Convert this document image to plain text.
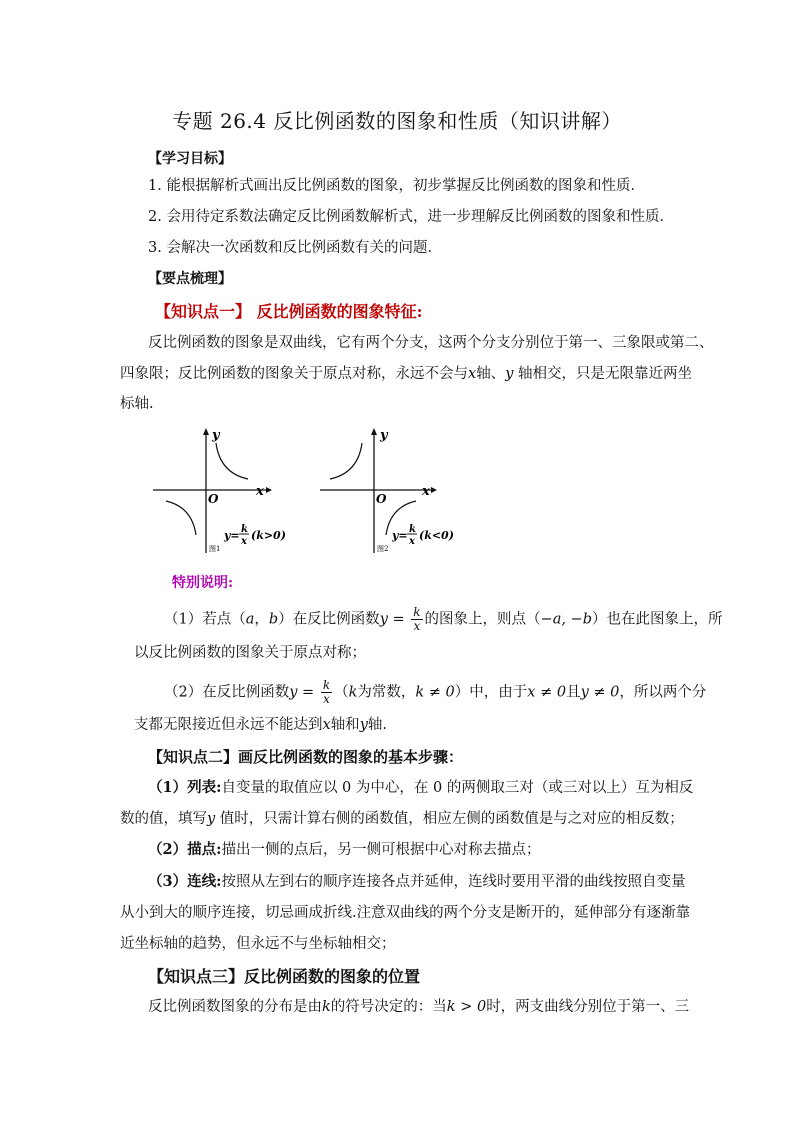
专题 26.4 反比例函数的图象和性质（知识讲解）
【学习目标】
1. 能根据解析式画出反比例函数的图象，初步掌握反比例函数的图象和性质．
2. 会用待定系数法确定反比例函数解析式，进一步理解反比例函数的图象和性质．
3. 会解决一次函数和反比例函数有关的问题．
【要点梳理】
【知识点一】 反比例函数的图象特征:
反比例函数的图象是双曲线，它有两个分支，这两个分支分别位于第一、三象限或第二、
四象限；反比例函数的图象关于原点对称，永远不会与x轴、y 轴相交，只是无限靠近两坐
标轴.
y
x
O
y= k
x (k>0)
图1
y
x
O
y= k
x (k<0)
图2
特别说明:
（1）若点（a，b）在反比例函数$y = \frac{k}{x}$ 的图象上，则点（−a, −b）也在此图象上，所
以反比例函数的图象关于原点对称；
（2）在反比例函数$y = \frac{k}{x} (k$为常数，k ≠ 0）中，由于x ≠ 0且y ≠ 0，所以两个分
支都无限接近但永远不能达到x轴和y轴.
【知识点二】画反比例函数的图象的基本步骤：
（1）列表:自变量的取值应以 0 为中心，在 0 的两侧取三对（或三对以上）互为相反
数的值，填写y 值时，只需计算右侧的函数值，相应左侧的函数值是与之对应的相反数；
（2）描点:描出一侧的点后，另一侧可根据中心对称去描点；
（3）连线:按照从左到右的顺序连接各点并延伸，连线时要用平滑的曲线按照自变量
从小到大的顺序连接，切忌画成折线.注意双曲线的两个分支是断开的，延伸部分有逐渐靠
近坐标轴的趋势，但永远不与坐标轴相交；
【知识点三】反比例函数的图象的位置
反比例函数图象的分布是由k的符号决定的：当k > 0时，两支曲线分别位于第一、三
